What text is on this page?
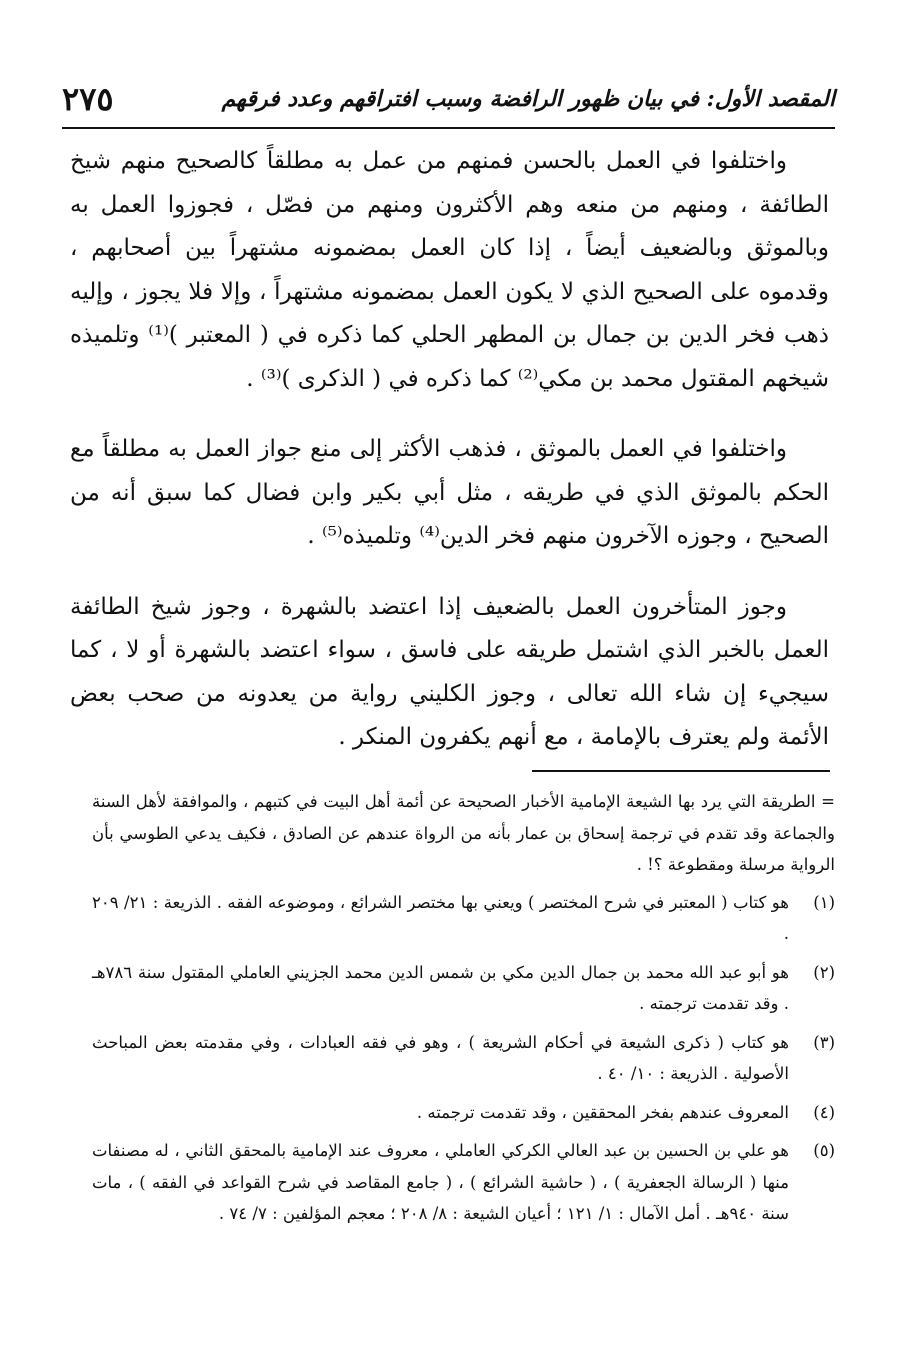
٢٧٥	المقصد الأول: في بيان ظهور الرافضة وسبب افتراقهم وعدد فرقهم

واختلفوا في العمل بالحسن فمنهم من عمل به مطلقاً كالصحيح منهم شيخ الطائفة ، ومنهم من منعه وهم الأكثرون ومنهم من فصّل ، فجوزوا العمل به وبالموثق وبالضعيف أيضاً ، إذا كان العمل بمضمونه مشتهراً بين أصحابهم ، وقدموه على الصحيح الذي لا يكون العمل بمضمونه مشتهراً ، وإلا فلا يجوز ، وإليه ذهب فخر الدين بن جمال بن المطهر الحلي كما ذكره في ( المعتبر )⁽¹⁾ وتلميذه شيخهم المقتول محمد بن مكي⁽²⁾ كما ذكره في ( الذكرى )⁽³⁾ .

واختلفوا في العمل بالموثق ، فذهب الأكثر إلى منع جواز العمل به مطلقاً مع الحكم بالموثق الذي في طريقه ، مثل أبي بكير وابن فضال كما سبق أنه من الصحيح ، وجوزه الآخرون منهم فخر الدين⁽⁴⁾ وتلميذه⁽⁵⁾ .

وجوز المتأخرون العمل بالضعيف إذا اعتضد بالشهرة ، وجوز شيخ الطائفة العمل بالخبر الذي اشتمل طريقه على فاسق ، سواء اعتضد بالشهرة أو لا ، كما سيجيء إن شاء الله تعالى ، وجوز الكليني رواية من يعدونه من صحب بعض الأئمة ولم يعترف بالإمامة ، مع أنهم يكفرون المنكر .

= الطريقة التي يرد بها الشيعة الإمامية الأخبار الصحيحة عن أئمة أهل البيت في كتبهم ، والموافقة لأهل السنة والجماعة وقد تقدم في ترجمة إسحاق بن عمار بأنه من الرواة عندهم عن الصادق ، فكيف يدعي الطوسي بأن الرواية مرسلة ومقطوعة ؟! .

(١)
هو كتاب ( المعتبر في شرح المختصر ) ويعني بها مختصر الشرائع ، وموضوعه الفقه . الذريعة : ٢١/ ٢٠٩ .
(٢)
هو أبو عبد الله محمد بن جمال الدين مكي بن شمس الدين محمد الجزيني العاملي المقتول سنة ٧٨٦هـ . وقد تقدمت ترجمته .
(٣)
هو كتاب ( ذكرى الشيعة في أحكام الشريعة ) ، وهو في فقه العبادات ، وفي مقدمته بعض المباحث الأصولية . الذريعة : ١٠/ ٤٠ .
(٤)
المعروف عندهم بفخر المحققين ، وقد تقدمت ترجمته .
(٥)
هو علي بن الحسين بن عبد العالي الكركي العاملي ، معروف عند الإمامية بالمحقق الثاني ، له مصنفات منها ( الرسالة الجعفرية ) ، ( حاشية الشرائع ) ، ( جامع المقاصد في شرح القواعد في الفقه ) ، مات سنة ٩٤٠هـ . أمل الآمال : ١/ ١٢١ ؛ أعيان الشيعة : ٨/ ٢٠٨ ؛ معجم المؤلفين : ٧/ ٧٤ .
